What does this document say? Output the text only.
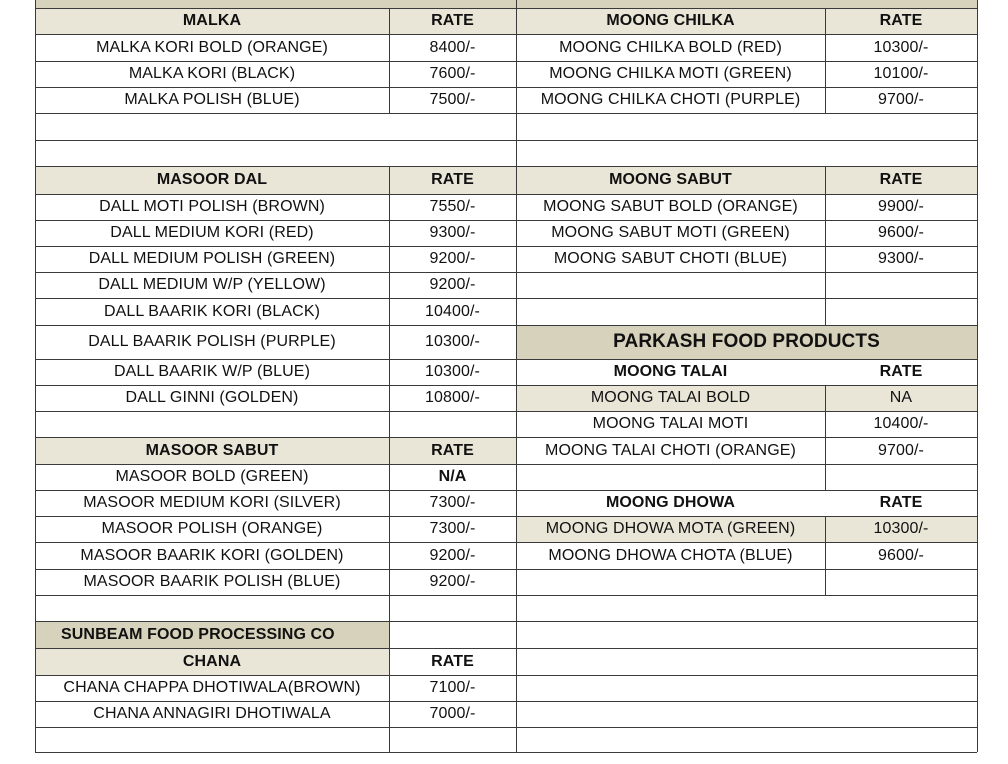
MALKA	RATE
MALKA KORI BOLD (ORANGE)	8400/-
MALKA KORI (BLACK)	7600/-
MALKA POLISH (BLUE)	7500/-
MASOOR DAL	RATE
DALL MOTI POLISH (BROWN)	7550/-
DALL MEDIUM KORI (RED)	9300/-
DALL MEDIUM POLISH (GREEN)	9200/-
DALL MEDIUM W/P (YELLOW)	9200/-
DALL BAARIK KORI (BLACK)	10400/-
DALL BAARIK POLISH (PURPLE)	10300/-
DALL BAARIK W/P (BLUE)	10300/-
DALL GINNI (GOLDEN)	10800/-
MASOOR SABUT	RATE
MASOOR BOLD (GREEN)	N/A
MASOOR MEDIUM KORI (SILVER)	7300/-
MASOOR POLISH (ORANGE)	7300/-
MASOOR BAARIK KORI (GOLDEN)	9200/-
MASOOR BAARIK POLISH (BLUE)	9200/-
SUNBEAM FOOD PROCESSING CO
CHANA	RATE
CHANA CHAPPA DHOTIWALA(BROWN)	7100/-
CHANA ANNAGIRI DHOTIWALA	7000/-
MOONG CHILKA	RATE
MOONG CHILKA BOLD (RED)	10300/-
MOONG CHILKA MOTI (GREEN)	10100/-
MOONG CHILKA CHOTI (PURPLE)	9700/-
MOONG SABUT	RATE
MOONG SABUT BOLD (ORANGE)	9900/-
MOONG SABUT MOTI (GREEN)	9600/-
MOONG SABUT CHOTI (BLUE)	9300/-
PARKASH FOOD PRODUCTS
MOONG TALAI	RATE
MOONG TALAI BOLD	NA
MOONG TALAI MOTI	10400/-
MOONG TALAI CHOTI (ORANGE)	9700/-
MOONG DHOWA	RATE
MOONG DHOWA MOTA (GREEN)	10300/-
MOONG DHOWA CHOTA (BLUE)	9600/-
